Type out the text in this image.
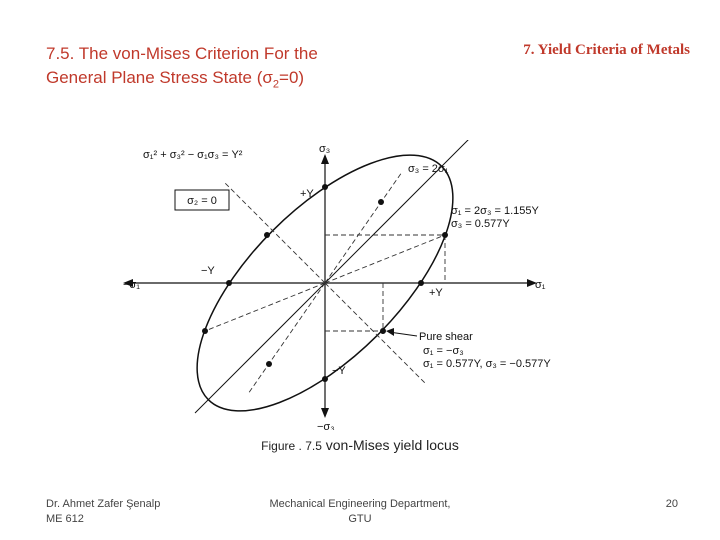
7.5. The von-Mises Criterion For the
General Plane Stress State $(\sigma_2=0)$
7. Yield Criteria of Metals
σ₁² + σ₃² − σ₁σ₃ = Y²
σ₂ = 0
σ₃
−σ₃
σ₁
−σ₁
+Y
−Y
+Y
−Y
σ₃ = 2σ₁
σ₁ = 2σ₃ = 1.155Y
σ₃ = 0.577Y
Pure shear
σ₁ = −σ₃
σ₁ = 0.577Y, σ₃ = −0.577Y
Figure . 7.5 von-Mises yield locus
Dr. Ahmet Zafer Şenalp
ME 612
Mechanical Engineering Department,
GTU
20
